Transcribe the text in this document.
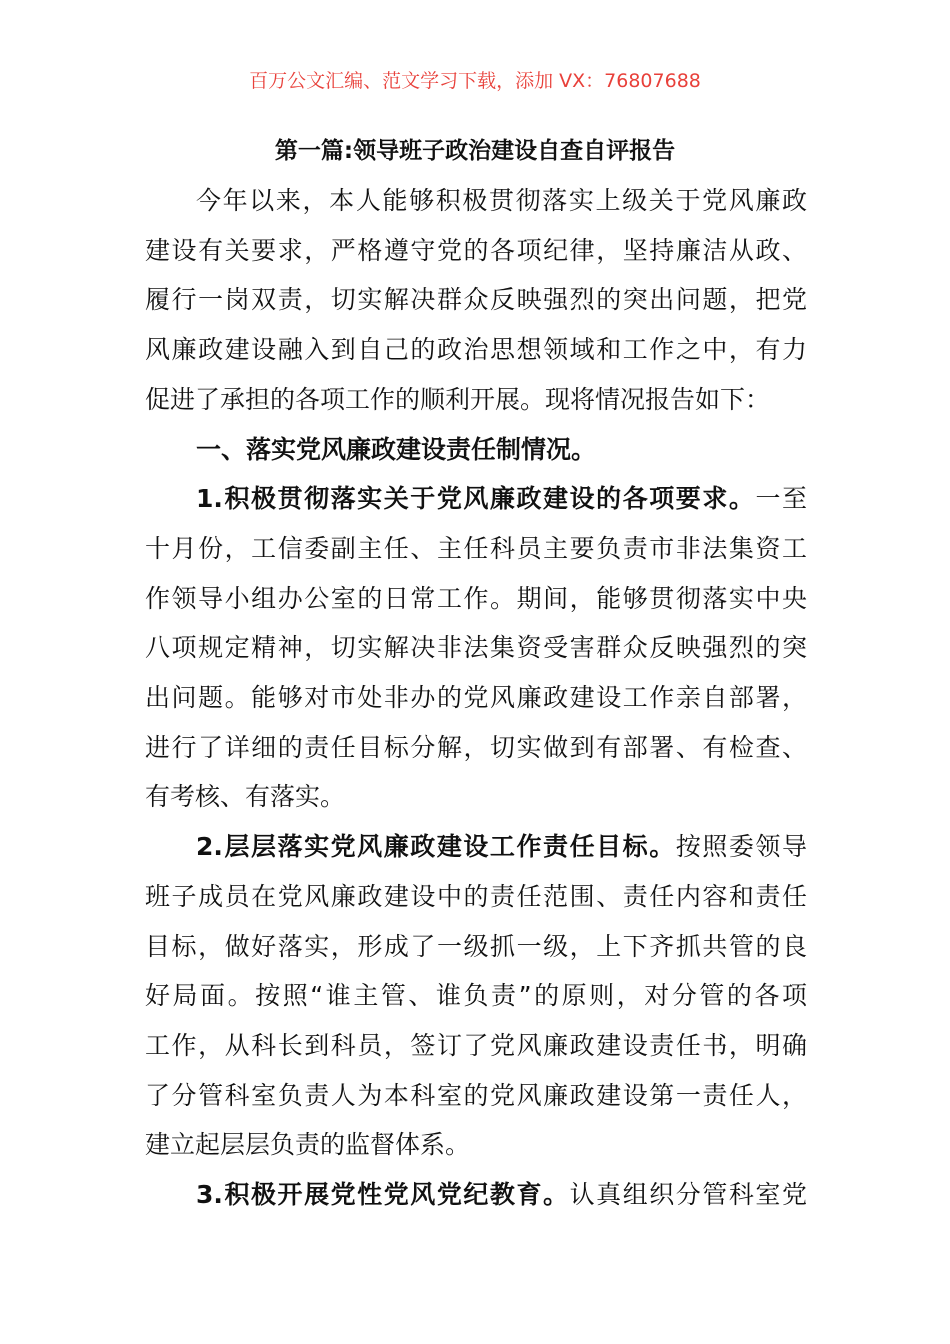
百万公文汇编、范文学习下载，添加 VX：76807688
第一篇:领导班子政治建设自查自评报告
今年以来，本人能够积极贯彻落实上级关于党风廉政
建设有关要求，严格遵守党的各项纪律，坚持廉洁从政、
履行一岗双责，切实解决群众反映强烈的突出问题，把党
风廉政建设融入到自己的政治思想领域和工作之中，有力
促进了承担的各项工作的顺利开展。现将情况报告如下：
一、落实党风廉政建设责任制情况。
1.积极贯彻落实关于党风廉政建设的各项要求。一至
十月份，工信委副主任、主任科员主要负责市非法集资工
作领导小组办公室的日常工作。期间，能够贯彻落实中央
八项规定精神，切实解决非法集资受害群众反映强烈的突
出问题。能够对市处非办的党风廉政建设工作亲自部署，
进行了详细的责任目标分解，切实做到有部署、有检查、
有考核、有落实。
2.层层落实党风廉政建设工作责任目标。按照委领导
班子成员在党风廉政建设中的责任范围、责任内容和责任
目标，做好落实，形成了一级抓一级，上下齐抓共管的良
好局面。按照“谁主管、谁负责”的原则，对分管的各项
工作，从科长到科员，签订了党风廉政建设责任书，明确
了分管科室负责人为本科室的党风廉政建设第一责任人，
建立起层层负责的监督体系。
3.积极开展党性党风党纪教育。认真组织分管科室党
